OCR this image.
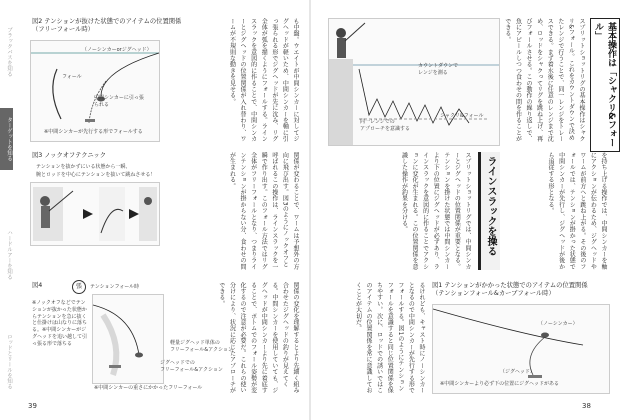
ブラックバスを知る
ターゲットを知る
ハードルアーを知る
ロッドとリールを知る
図2 テンションが抜けた状態でのアイテムの位置関係
（フリーフォール時）
（ノーシンカーorジグヘッド）
フォール
中間シンカーに引っ張られる
※中間シンカーが先行する形でフォールする
図3 ノックオフテクニック
テンションを抜かずにいる状態から一瞬、
腕とロッドを中心にテンションを抜いて跳ねさせる！
図4	張	テンションフォール時
※ノックオフなどでテンションが抜かった状態からテンションを急に抜くと仕掛けは山なりに落ちる。※中間シンカーがジグヘッドを追い越して引っ張る形で落ちる	軽量ジグヘッド単体の
フリーフォール&アクション
ジグヘッドでの
フリーフォール&アクション
※中間シンカーの重さにかかったフリーフォール
も中盤。ウエイトが中間シンカーに対してジグヘッドが軽いため、中間シンカーを軸に引っ張られる形でジグヘッドが先に沈み、リグ全体が弧を描くようにフォールする。ラインスラックを意図的に作ることで、中間シンカーとジグヘッドの位置関係が入れ替わり、ワームが不規則な動きを見せる。
関係が変わることで、ワームは予想外の方向に飛び出す。図3のようにノックオフと呼ばれるこの操作は、ラインスラックを一瞬で作り出す。このフォール方法ではリグ全体がフリーフォールとなり、つまりラインテンションが掛からない分、食わせの間が生まれる。
関係の変化を理解するとより先細く組み合わせたジグヘッドの釣りが見えてくる。中間シンカーを使用していても、ジグヘッドが中間シンカーより先に着底することで、ボトムでのフォール姿勢が変化するので注意が必要だ。これらの使い分けにより、状況に応じたアプローチができる。
39
カウントダウンで
レンジを測る
同一レンジでの
アプローチを意識する
シャクリ&フォール	基本操作は「シャクリ&フォール」
スプリットショットリグの基本操作はシャクリ&フォール。これをカウントダウンで決めたレンジで行うことで、同一レンジをトレースできる。まず着水後に任意のレンジまで沈め、ロッドをシャクってリグを跳ね上げ、再びフォールさせる。この動作の繰り返しで、魚にアピールしつつ食わせの間を作ることができる。
を持ち上げる操作では、中間シンカーを軸にアクションが伝わるため、ジグヘッドやワームが前方へと跳ね上がる。その後のフォールでは、テンションが掛かった状態で中間シンカーが先行し、ジグヘッドが後から追従する形となる。
ラインスラックを操る
スプリットショットリグでは、中間シンカーとジグヘッドの位置関係が重要となる。テンションを掛けた状態では中間シンカーより下の位置にジグヘッドが必ずあり、ラインスラックを意図的に作ることでアクションに変化が生まれる。この位置関係を意識した操作が釣果を分ける。
図1 テンションがかかった状態でのアイテムの位置関係
（テンションフォール&カーブフォール時）
（ノーシンカー）
（ジグヘッド）
※中間シンカーより必ず下の位置にジグヘッドがある
るけれども、キャスト時にノーシンカーとなるので中間シンカーが先行する形でフォールする。図1のようにテンションフォールを意識すると同じ位置関係を保ちやすい。次に、ロッドでの誘いではこのアイテムの位置関係を常に意識しておくことが大切だ。
38
